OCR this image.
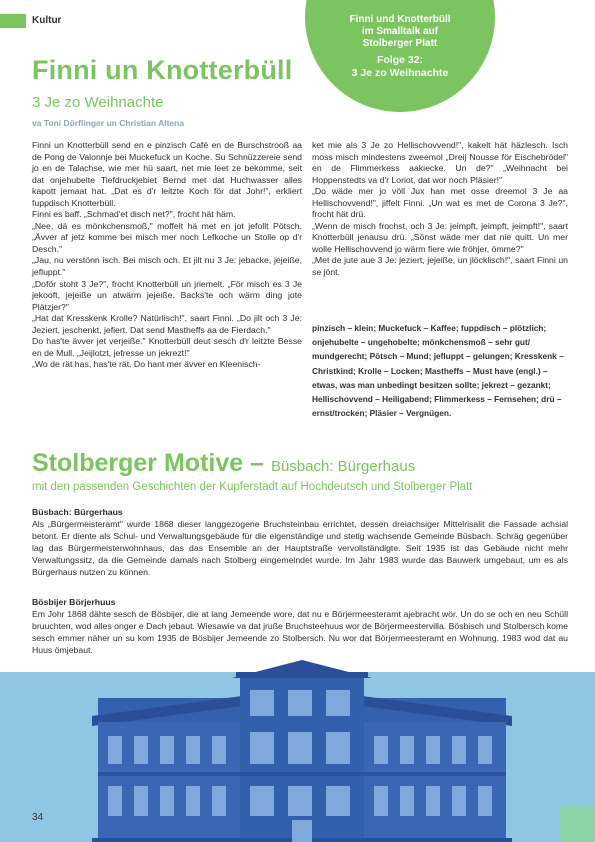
Kultur	Finni und Knotterbüll
im Smalltalk auf
Stolberger Platt
Folge 32:
3 Je zo Weihnachte
Finni un Knotterbüll
3 Je zo Weihnachte
va Toni Dörflinger un Christian Altena

Finni un Knotterbüll send en e pinzisch Café en de Burschstrooß aa de Pong de Valonnje bei Muckefuck un Koche. Su Schnüzzereie send jo en de Talachse, wie mer hü saart, net mie leet ze bekomme, seit dat onjehubelte Tiefdruckjebiet Bernd met dat Huchwasser alles kapott jemaat hat. „Dat es d'r leitzte Koch för dat Johr!", erkliert fuppdisch Knotterbüll.

Finni es baff. „Schmad'et disch net?", frocht hät häm.

„Nee, dä es mönkchensmoß," moffelt hä met en jot jefollt Pötsch. „Ävver af jetz komme bei misch mer noch Lefkoche un Stolle op d'r Desch."

„Jau, nu verstönn isch. Bei misch och. Et jilt nu 3 Je: jebacke, jejeiße, jefluppt."

„Doför stoht 3 Je?", frocht Knotterbüll un jriemelt. „För misch es 3 Je jekooft, jejeiße un atwärm jejeiße. Backs'te och wärm ding jote Plätzjer?"

„Hat dat Kresskenk Krolle? Natürlisch!", saart Finni. „Do jilt och 3 Je: Jeziert, jeschenkt, jefiert. Dat send Mastheffs aa de Fierdach."

Do has'te ävver jet verjeiße." Knotterbüll deut sesch d'r leitzte Besse en de Mull. „Jeijlotzt, jefresse un jekrezt!"

„Wo de rät has, has'te rät. Do hant mer ävver en Kleenisch-

ket mie als 3 Je zo Hellischovvend!", kakelt hät häzlesch. Isch moss misch mindestens zweemol „Dreij Nousse för Eischebrödel" en de Flimmerkess aakiecke. Un de?" „Weihnacht bei Hoppenstedts va d'r Loriot, dat wor noch Pläsier!"

„Do wäde mer jo völl Jux han met osse dreemol 3 Je aa Hellischovvend!", jiffelt Finni. „Un wat es met de Corona 3 Je?", frocht hät drü.

„Wenn de misch frochst, och 3 Je: jeimpft, jeimpft, jeimpft!", saart Knotterbüll jenausu drü. „Sönst wäde mer dat nie quitt. Un mer wolle Hellischovvend jo wärm fiere wie fröhjer, ömme?"

„Met de jute aue 3 Je: jeziert, jejeiße, un jlöcklisch!", saart Finni un se jönt.

pinzisch – klein; Muckefuck – Kaffee; fuppdisch – plötzlich; onjehubelte – ungehobelte; mönkchensmoß – sehr gut/ mundgerecht; Pötsch – Mund; jefluppt – gelungen; Kresskenk – Christkind; Krolle – Locken; Mastheffs – Must have (engl.) – etwas, was man unbedingt besitzen sollte; jekrezt – gezankt; Hellischovvend – Heiligabend; Flimmerkess – Fernsehen; drü – ernst/trocken; Pläsier – Vergnügen.
Stolberger Motive – Büsbach: Bürgerhaus
mit den passenden Geschichten der Kupferstadt auf Hochdeutsch und Stolberger Platt
Büsbach: Bürgerhaus
Als „Bürgermeisteramt" wurde 1868 dieser langgezogene Bruchsteinbau errichtet, dessen dreiachsiger Mittelrisalit die Fassade achsial betont. Er diente als Schul- und Verwaltungsgebäude für die eigenständige und stetig wachsende Gemeinde Büsbach. Schräg gegenüber lag das Bürgermeisterwohnhaus, das das Ensemble an der Hauptstraße vervollständigte. Seit 1935 ist das Gebäude nicht mehr Verwaltungssitz, da die Gemeinde damals nach Stolberg eingemeindet wurde. Im Jahr 1983 wurde das Bauwerk umgebaut, um es als Bürgerhaus nutzen zu können.
Bösbijer Börjerhuus
Em Johr 1868 dähte sesch de Bösbijer, die at lang Jemeende wore, dat nu e Börjermeesteramt ajebracht wör. Un do se och en neu Schüll bruuchten, wod alles onger e Dach jebaut. Wiesawie va dat jruße Bruchsteehuus wor de Börjermeestervilla. Bösbisch und Stolbersch kome sesch emmer näher un su kom 1935 de Bösbijer Jemeende zo Stolbersch. Nu wor dat Börjermeesteramt en Wohnung. 1983 wod dat au Huus ömjebaut.
34
